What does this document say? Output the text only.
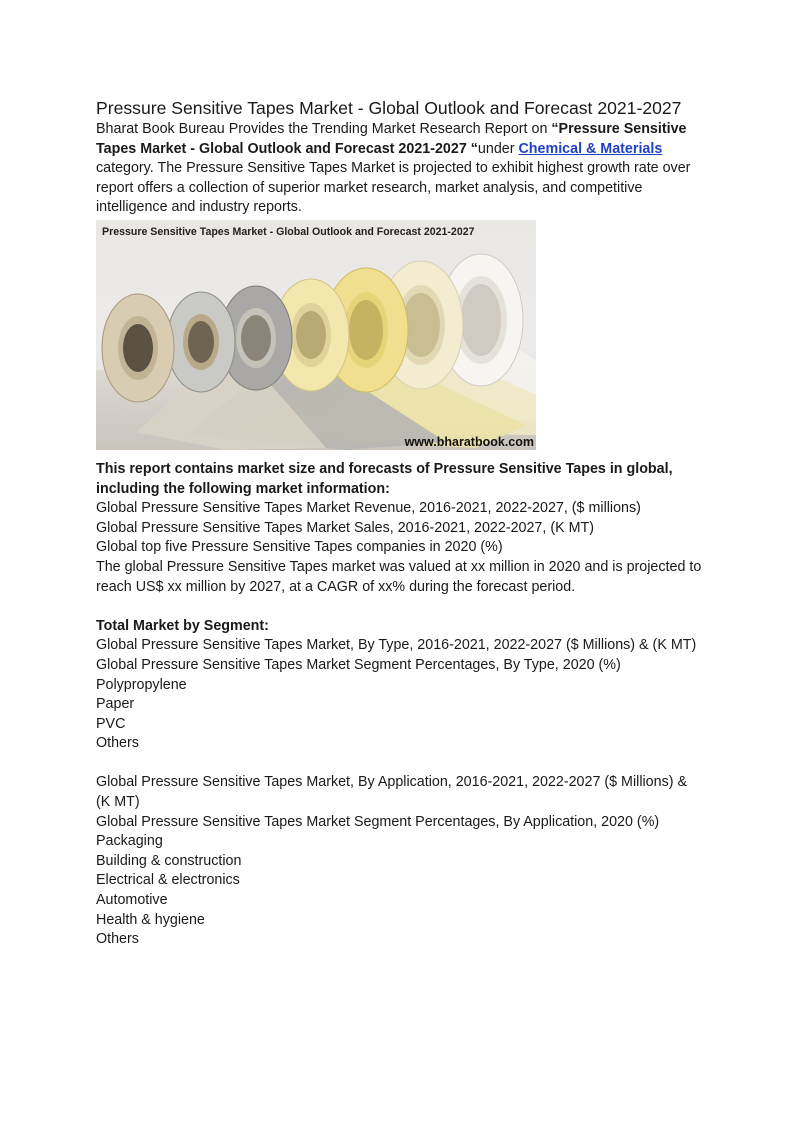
Pressure Sensitive Tapes Market - Global Outlook and Forecast 2021-2027

Bharat Book Bureau Provides the Trending Market Research Report on “Pressure Sensitive Tapes Market - Global Outlook and Forecast 2021-2027 “under Chemical & Materials category. The Pressure Sensitive Tapes Market is projected to exhibit highest growth rate over report offers a collection of superior market research, market analysis, and competitive intelligence and industry reports.

Pressure Sensitive Tapes Market - Global Outlook and Forecast 2021-2027
www.bharatbook.com

This report contains market size and forecasts of Pressure Sensitive Tapes in global, including the following market information:

Global Pressure Sensitive Tapes Market Revenue, 2016-2021, 2022-2027, ($ millions)

Global Pressure Sensitive Tapes Market Sales, 2016-2021, 2022-2027, (K MT)

Global top five Pressure Sensitive Tapes companies in 2020 (%)

The global Pressure Sensitive Tapes market was valued at xx million in 2020 and is projected to reach US$ xx million by 2027, at a CAGR of xx% during the forecast period.

Total Market by Segment:

Global Pressure Sensitive Tapes Market, By Type, 2016-2021, 2022-2027 ($ Millions) & (K MT)

Global Pressure Sensitive Tapes Market Segment Percentages, By Type, 2020 (%)

Polypropylene

Paper

PVC

Others

Global Pressure Sensitive Tapes Market, By Application, 2016-2021, 2022-2027 ($ Millions) & (K MT)

Global Pressure Sensitive Tapes Market Segment Percentages, By Application, 2020 (%)

Packaging

Building & construction

Electrical & electronics

Automotive

Health & hygiene

Others
